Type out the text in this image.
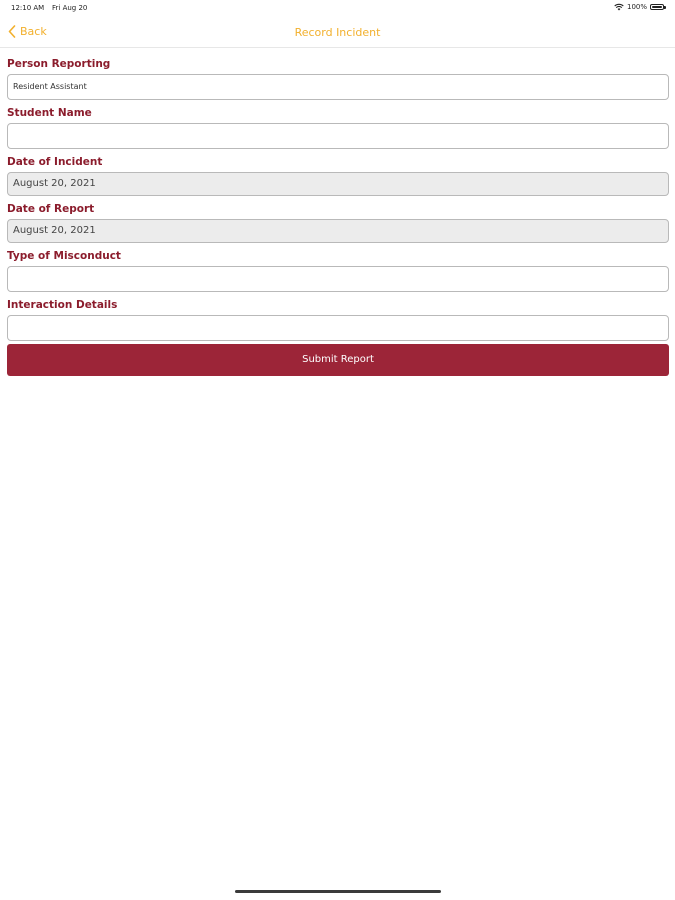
12:10 AM Fri Aug 20	100%
Back	Record Incident
Person Reporting
Resident Assistant
Student Name
Date of Incident
August 20, 2021
Date of Report
August 20, 2021
Type of Misconduct
Interaction Details
Submit Report
